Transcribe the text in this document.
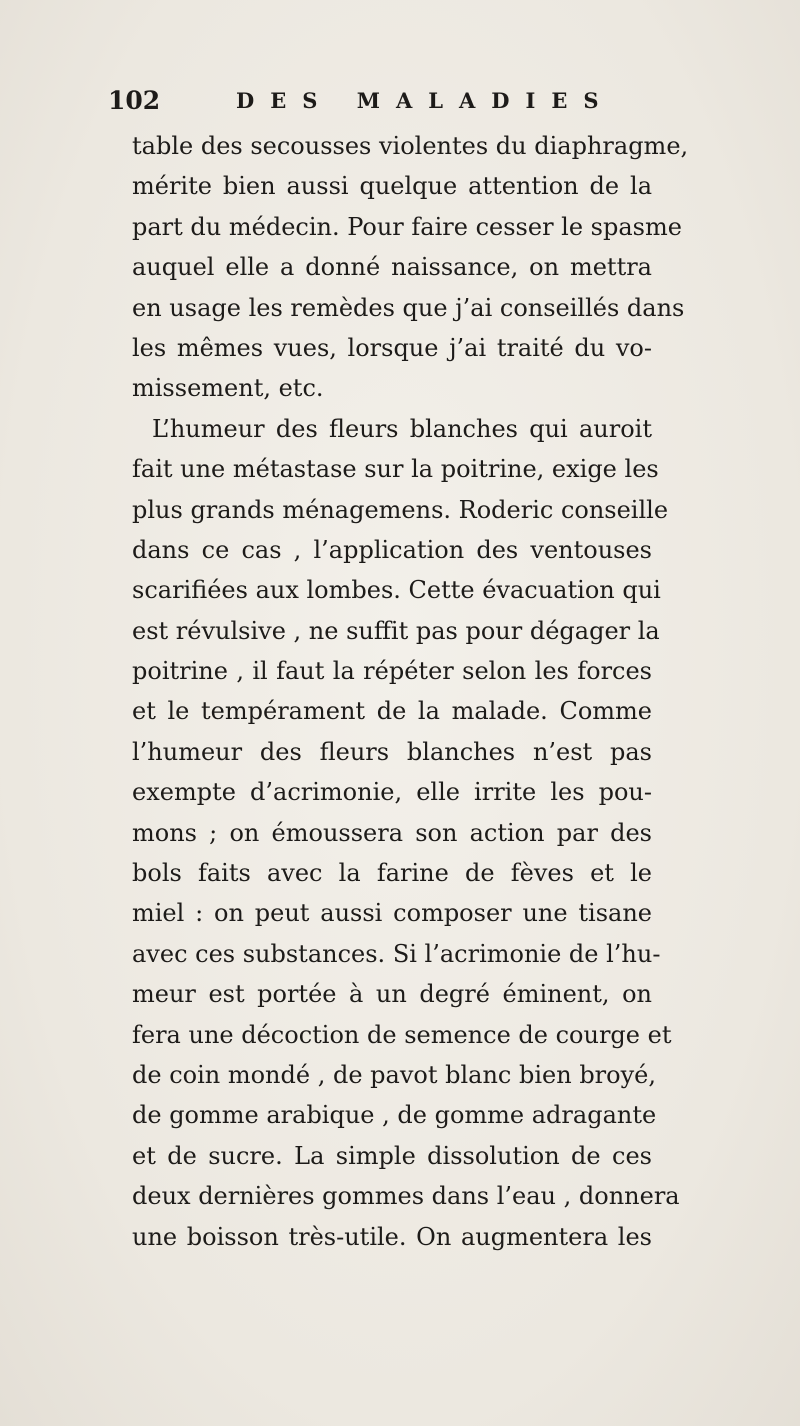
102	DES MALADIES
table des secousses violentes du diaphragme,
mérite bien aussi quelque attention de la
part du médecin. Pour faire cesser le spasme
auquel elle a donné naissance, on mettra
en usage les remèdes que j’ai conseillés dans
les mêmes vues, lorsque j’ai traité du vo-
missement, etc.
L’humeur des fleurs blanches qui auroit
fait une métastase sur la poitrine, exige les
plus grands ménagemens. Roderic conseille
dans ce cas , l’application des ventouses
scarifiées aux lombes. Cette évacuation qui
est révulsive , ne suffit pas pour dégager la
poitrine , il faut la répéter selon les forces
et le tempérament de la malade. Comme
l’humeur des fleurs blanches n’est pas
exempte d’acrimonie, elle irrite les pou-
mons ; on émoussera son action par des
bols faits avec la farine de fèves et le
miel : on peut aussi composer une tisane
avec ces substances. Si l’acrimonie de l’hu-
meur est portée à un degré éminent, on
fera une décoction de semence de courge et
de coin mondé , de pavot blanc bien broyé,
de gomme arabique , de gomme adragante
et de sucre. La simple dissolution de ces
deux dernières gommes dans l’eau , donnera
une boisson très-utile. On augmentera les
